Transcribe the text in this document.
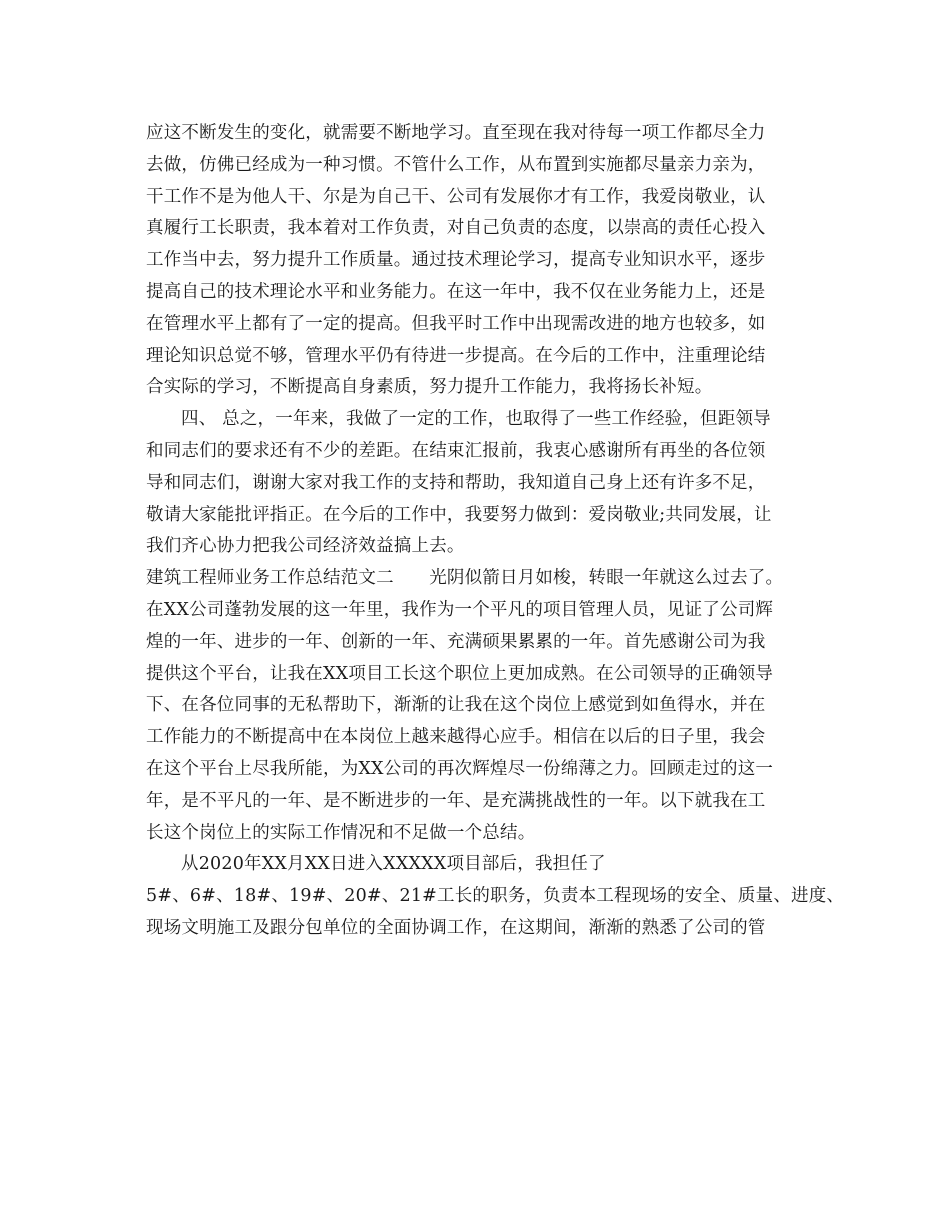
应这不断发生的变化，就需要不断地学习。直至现在我对待每一项工作都尽全力
去做，仿佛已经成为一种习惯。不管什么工作，从布置到实施都尽量亲力亲为，
干工作不是为他人干、尔是为自己干、公司有发展你才有工作，我爱岗敬业，认
真履行工长职责，我本着对工作负责，对自己负责的态度，以崇高的责任心投入
工作当中去，努力提升工作质量。通过技术理论学习，提高专业知识水平，逐步
提高自己的技术理论水平和业务能力。在这一年中，我不仅在业务能力上，还是
在管理水平上都有了一定的提高。但我平时工作中出现需改进的地方也较多，如
理论知识总觉不够，管理水平仍有待进一步提高。在今后的工作中，注重理论结
合实际的学习，不断提高自身素质，努力提升工作能力，我将扬长补短。
四、 总之，一年来，我做了一定的工作，也取得了一些工作经验，但距领导
和同志们的要求还有不少的差距。在结束汇报前，我衷心感谢所有再坐的各位领
导和同志们，谢谢大家对我工作的支持和帮助，我知道自己身上还有许多不足，
敬请大家能批评指正。在今后的工作中，我要努力做到：爱岗敬业;共同发展，让
我们齐心协力把我公司经济效益搞上去。
建筑工程师业务工作总结范文二　　光阴似箭日月如梭，转眼一年就这么过去了。
在XX公司蓬勃发展的这一年里，我作为一个平凡的项目管理人员，见证了公司辉
煌的一年、进步的一年、创新的一年、充满硕果累累的一年。首先感谢公司为我
提供这个平台，让我在XX项目工长这个职位上更加成熟。在公司领导的正确领导
下、在各位同事的无私帮助下，渐渐的让我在这个岗位上感觉到如鱼得水，并在
工作能力的不断提高中在本岗位上越来越得心应手。相信在以后的日子里，我会
在这个平台上尽我所能，为XX公司的再次辉煌尽一份绵薄之力。回顾走过的这一
年，是不平凡的一年、是不断进步的一年、是充满挑战性的一年。以下就我在工
长这个岗位上的实际工作情况和不足做一个总结。
从2020年XX月XX日进入XXXXX项目部后，我担任了
5#、6#、18#、19#、20#、21#工长的职务，负责本工程现场的安全、质量、进度、
现场文明施工及跟分包单位的全面协调工作，在这期间，渐渐的熟悉了公司的管
